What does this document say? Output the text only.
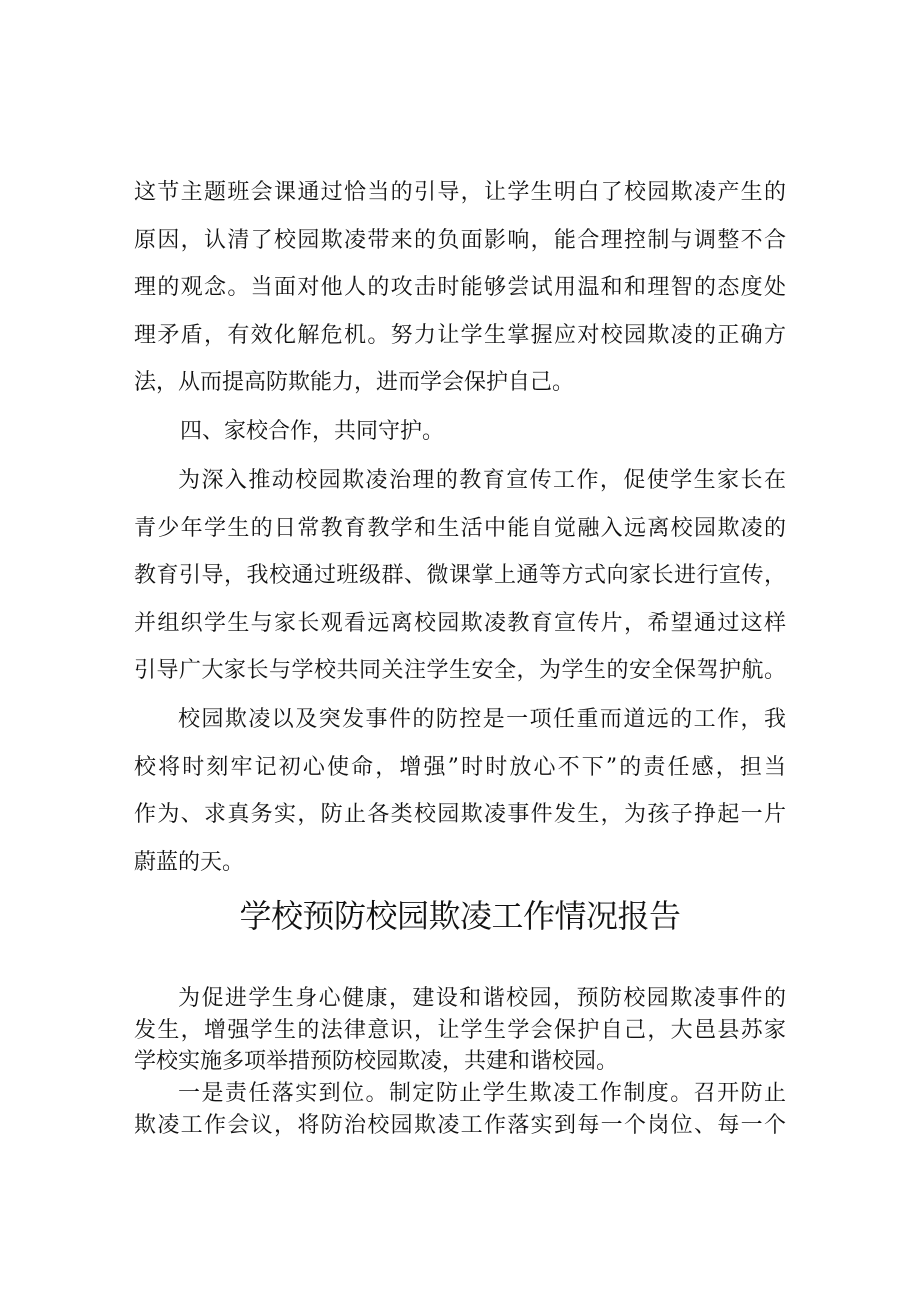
这节主题班会课通过恰当的引导，让学生明白了校园欺凌产生的
原因，认清了校园欺凌带来的负面影响，能合理控制与调整不合
理的观念。当面对他人的攻击时能够尝试用温和和理智的态度处
理矛盾，有效化解危机。努力让学生掌握应对校园欺凌的正确方
法，从而提高防欺能力，进而学会保护自己。
四、家校合作，共同守护。
为深入推动校园欺凌治理的教育宣传工作，促使学生家长在
青少年学生的日常教育教学和生活中能自觉融入远离校园欺凌的
教育引导，我校通过班级群、微课掌上通等方式向家长进行宣传，
并组织学生与家长观看远离校园欺凌教育宣传片，希望通过这样
引导广大家长与学校共同关注学生安全，为学生的安全保驾护航。
校园欺凌以及突发事件的防控是一项任重而道远的工作，我
校将时刻牢记初心使命，增强”时时放心不下”的责任感，担当
作为、求真务实，防止各类校园欺凌事件发生，为孩子挣起一片
蔚蓝的天。
学校预防校园欺凌工作情况报告
为促进学生身心健康，建设和谐校园，预防校园欺凌事件的
发生，增强学生的法律意识，让学生学会保护自己，大邑县苏家
学校实施多项举措预防校园欺凌，共建和谐校园。
一是责任落实到位。制定防止学生欺凌工作制度。召开防止
欺凌工作会议，将防治校园欺凌工作落实到每一个岗位、每一个
